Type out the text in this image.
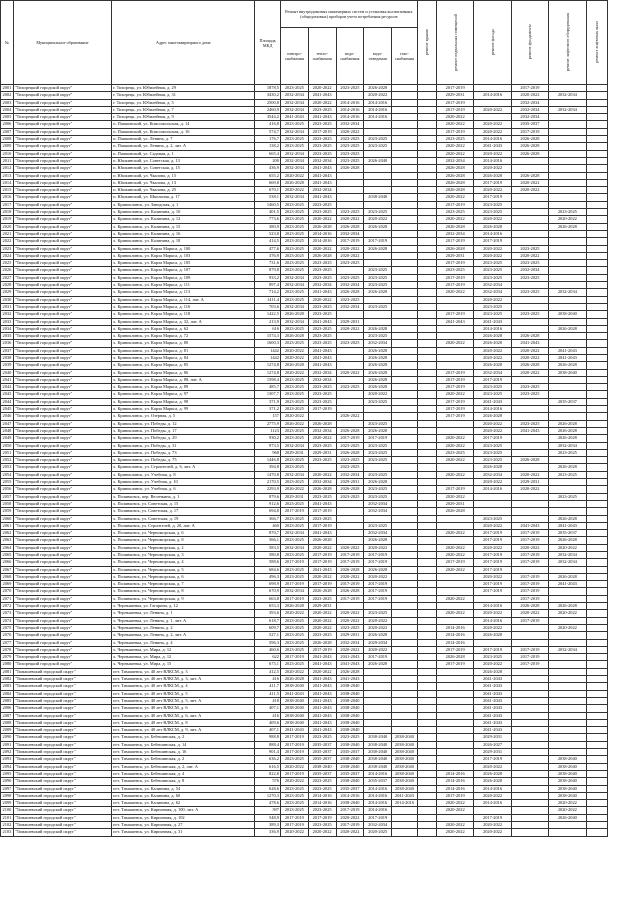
№	Муниципальное образование	Адрес многоквартирного дома	Площадь МКД	Ремонт внутридомовых инженерных систем и установка коллективных (общедомовых) приборов учета потребления ресурсов					ремонт крыши	ремонт подвальных помещений	ремонт фасада	ремонт фундамента	ремонт лифтового оборудования	ремонт лифтовых шахт
				электро-снабжения	тепло-снабжения	водо-снабжения	водо-отведения	газо-снабжения						
2001	"Тихорецкий городской округ"	г. Тихорецк, ул. Юбилейная, д. 29	1878,5	2023-2025	2020-2022	2023-2025	2026-2028			2017-2019		2017-2019		
2002	"Тихорецкий городской округ"	г. Тихорецк, ул. Юбилейная, д. 31	3430,2	2032-2034	2041-2043		2020-2022			2029-2031	2014-2016	2020-2022	2032-2034	
2003	"Тихорецкий городской округ"	г. Тихорецк, ул. Юбилейная, д. 5	2500,8	2032-2034	2020-2022	2014-2016	2014-2016			2017-2019		2032-2034		
2004	"Тихорецкий городской округ"	г. Тихорецк, ул. Юбилейная, д. 7	2460,9	2032-2034	2023-2025	2014-2016	2014-2016			2017-2019	2020-2022	2032-2034	2032-2034	
2005	"Тихорецкий городской округ"	г. Тихорецк, ул. Юбилейная, д. 9	3544,2	2041-2043	2041-2043	2014-2016	2014-2016			2020-2022		2032-2034		
2006	"Тихорецкий городской округ"	п. Пашковский, ул. Комсомольская, д. 14	416,8	2023-2025	2023-2025	2032-2034				2020-2022	2020-2022	2035-2037		
2007	"Тихорецкий городской округ"	п. Пашковский, ул. Комсомольская, д. 16	574,7	2032-2034	2017-2019	2020-2022				2017-2019	2020-2022	2017-2019		
2008	"Тихорецкий городской округ"	п. Пашковский, ул. Ленина, д. 7	176,7	2023-2025	2023-2025	2023-2025	2023-2025			2023-2025	2014-2016	2026-2028		
2009	"Тихорецкий городской округ"	п. Пашковский, ул. Ленина, д. 2, лит. А	138,2	2023-2025	2023-2025	2023-2025	2023-2025			2020-2022	2041-2043	2026-2028		
2010	"Тихорецкий городской округ"	п. Пашковский, ул. Садовая, д. 1	665,4	2032-2034	2023-2025	2023-2025				2020-2022	2020-2022	2026-2028		
2011	"Тихорецкий городской округ"	п. Юшкинский, ул. Советская, д. 13	200	2032-2034	2032-2034	2023-2025	2026-2040			2032-2034	2014-2016			
2012	"Тихорецкий городской округ"	п. Юшкинский, ул. Советская, д. 15	436,9	2032-2034	2041-2043	2026-2028				2026-2028	2020-2022			
2013	"Тихорецкий городской округ"	п. Юшкинский, ул. Чкалова, д. 15	655,2	2020-2022	2041-2043					2026-2028	2026-2028	2026-2028		
2014	"Тихорецкий городской округ"	п. Юшкинский, ул. Чкалова, д. 13	669,8	2026-2028	2041-2043					2026-2028	2017-2019	2020-2022		
2015	"Тихорецкий городской округ"	п. Юшкинский, ул. Чкалова, д. 25	670,1	2020-2022	2032-2034					2026-2028	2020-2022	2020-2022		
2016	"Тихорецкий городской округ"	п. Юшкинский, ул. Школьная, д. 17	538,1	2032-2034	2041-2043		2038-2040			2020-2022	2017-2019			
2017	"Тихорецкий городской округ"	х. Кривоклинск, ул. Заводская, д. 1	1460,5	2023-2025	2023-2025					2017-2019	2023-2025			
2018	"Тихорецкий городской округ"	х. Кривоклинск, ул. Калинина, д. 10	401,5	2023-2025	2023-2025	2023-2025	2023-2025			2023-2025	2023-2025		2023-2025	
2019	"Тихорецкий городской округ"	х. Кривоклинск, ул. Калинина, д. 12	773,6	2023-2025	2020-2022	2020-2022	2020-2022			2020-2022	2020-2022		2020-2022	
2020	"Тихорецкий городской округ"	х. Кривоклинск, ул. Калинина, д. 15	380,9	2023-2025	2026-2028	2026-2028	2026-2028			2026-2028	2026-2028		2026-2028	
2021	"Тихорецкий городской округ"	х. Кривоклинск, ул. Калинина, д. 16	523,8	2023-2025	2014-2016	2032-2034				2032-2034	2014-2016			
2022	"Тихорецкий городской округ"	х. Кривоклинск, ул. Калинина, д. 18	414,5	2023-2025	2014-2016	2017-2019	2017-2019			2017-2019	2017-2019			
2023	"Тихорецкий городской округ"	х. Кривоклинск, ул. Карла Маркса, д. 100	477,6	2023-2025	2020-2022	2020-2022	2026-2028			2026-2028	2020-2022	2023-2025		
2024	"Тихорецкий городской округ"	х. Кривоклинск, ул. Карла Маркса, д. 103	376,9	2023-2025	2026-2028	2020-2022				2029-2031	2020-2022	2020-2022		
2025	"Тихорецкий городской округ"	х. Кривоклинск, ул. Карла Маркса, д. 105	731,6	2023-2025	2023-2025	2023-2025				2017-2019	2023-2025	2023-2025		
2026	"Тихорецкий городской округ"	х. Кривоклинск, ул. Карла Маркса, д. 107	879,8	2023-2025	2023-2025		2023-2025			2023-2025	2023-2025	2032-2034		
2027	"Тихорецкий городской округ"	х. Кривоклинск, ул. Карла Маркса, д. 109	933,2	2032-2034	2023-2025	2023-2025	2023-2025			2017-2019	2023-2025	2023-2025		
2028	"Тихорецкий городской округ"	х. Кривоклинск, ул. Карла Маркса, д. 111	897,4	2032-2034	2032-2034	2032-2034	2023-2025			2017-2019	2032-2034			
2029	"Тихорецкий городской округ"	х. Кривоклинск, ул. Карла Маркса, д. 113	714,2	2023-2025	2041-2043	2026-2028	2026-2028			2020-2022	2032-2034	2023-2025	2032-2034	
2030	"Тихорецкий городской округ"	х. Кривоклинск, ул. Карла Маркса, д. 114, лит. А	1411,4	2023-2025	2020-2022	2023-2025					2020-2022			
2031	"Тихорецкий городской округ"	х. Кривоклинск, ул. Карла Маркса, д. 116	703,6	2032-2034	2023-2025	2032-2034	2023-2025				2023-2025			
2032	"Тихорецкий городской округ"	х. Кривоклинск, ул. Карла Маркса, д. 118	1422,5	2026-2028	2023-2025					2017-2019	2023-2025	2023-2025	2038-2040	
2033	"Тихорецкий городской округ"	х. Кривоклинск, ул. Карла Маркса, д. 32, лит. А	213,9	2032-2034	2041-2043	2029-2031				2041-2043	2041-2043			
2034	"Тихорецкий городской округ"	х. Кривоклинск, ул. Карла Маркса, д. 62	616	2023-2025	2023-2025	2020-2022	2026-2028				2014-2016		2026-2028	
2035	"Тихорецкий городской округ"	х. Кривоклинск, ул. Карла Маркса, д. 72	1574,3	2026-2028	2023-2025		2023-2025				2026-2028	2026-2028		
2036	"Тихорецкий городской округ"	х. Кривоклинск, ул. Карла Маркса, д. 80	1600,3	2023-2025	2023-2025	2023-2025	2032-2034			2020-2022	2026-2028	2041-2043		
2037	"Тихорецкий городской округ"	х. Кривоклинск, ул. Карла Маркса, д. 81	1442	2020-2022	2041-2043		2026-2028				2020-2022	2020-2022	2041-2043	
2038	"Тихорецкий городской округ"	х. Кривоклинск, ул. Карла Маркса, д. 84	1442	2020-2022	2041-2043		2026-2028				2020-2022	2020-2022	2041-2043	
2039	"Тихорецкий городской округ"	х. Кривоклинск, ул. Карла Маркса, д. 85	1274,8	2026-2028	2041-2043		2026-2028				2026-2028	2026-2028	2026-2028	
2040	"Тихорецкий городской округ"	х. Кривоклинск, ул. Карла Маркса, д. 86	1274,8	2020-2022	2032-2034	2020-2022	2026-2028			2017-2019	2032-2034	2020-2022	2038-2040	
2041	"Тихорецкий городской округ"	х. Кривоклинск, ул. Карла Маркса, д. 88, лит. А	1598,4	2023-2025	2032-2034		2026-2028			2017-2019	2017-2019			
2042	"Тихорецкий городской округ"	х. Кривоклинск, ул. Карла Маркса, д. 89	485,7	2023-2025	2023-2025	2023-2025	2026-2028			2017-2019	2023-2025	2023-2025		
2043	"Тихорецкий городской округ"	х. Кривоклинск, ул. Карла Маркса, д. 97	1307,7	2023-2025	2023-2025		2020-2022			2020-2022	2023-2025	2023-2025		
2044	"Тихорецкий городской округ"	х. Кривоклинск, ул. Карла Маркса, д. 98	371,9	2023-2025	2023-2025		2023-2025			2017-2019	2041-2043		2035-2037	
2045	"Тихорецкий городской округ"	х. Кривоклинск, ул. Карла Маркса, д. 99	371,2	2023-2025	2017-2019					2017-2019	2014-2016			
2046	"Тихорецкий городской округ"	х. Кривоклинск, ул. Озерная, д. 5	157	2020-2022		2026-2022				2017-2019	2026-2028			
2047	"Тихорецкий городской округ"	х. Кривоклинск, ул. Победы, д. 12	2775,9	2026-2022	2026-2028		2023-2025				2020-2022	2023-2025	2026-2028	
2048	"Тихорецкий городской округ"	х. Кривоклинск, ул. Победы, д. 17	1123	2023-2025	2032-2034	2026-2028	2026-2028				2020-2022	2041-2043	2026-2028	
2049	"Тихорецкий городской округ"	х. Кривоклинск, ул. Победы, д. 29	930,2	2023-2025	2020-2022	2017-2019	2017-2019			2020-2022	2017-2019		2026-2028	
2050	"Тихорецкий городской округ"	х. Кривоклинск, ул. Победы, д. 31	973,5	2032-2034	2023-2025	2023-2025	2023-2025			2020-2022	2023-2025		2032-2034	
2051	"Тихорецкий городской округ"	х. Кривоклинск, ул. Победы, д. 73	968	2029-2031	2029-2031	2026-2028	2023-2025			2023-2025	2023-2025		2023-2025	
2052	"Тихорецкий городской округ"	х. Кривоклинск, ул. Победы, д. 75	1446,8	2023-2025	2023-2025	2023-2025	2023-2025			2020-2022	2023-2025	2026-2028		
2053	"Тихорецкий городской округ"	х. Кривоклинск, ул. Строителей, д. 6, лит. А	394,8	2023-2025		2023-2025					2026-2028		2026-2028	
2054	"Тихорецкий городской округ"	х. Кривоклинск, ул. Учебная, д. 8	1470,8	2032-2034	2020-2022	2032-2034	2023-2025			2020-2022	2032-2034	2020-2022	2023-2025	
2055	"Тихорецкий городской округ"	х. Кривоклинск, ул. Учебная, д. 10	2170,5	2023-2025	2032-2034	2029-2031	2026-2028				2020-2022	2029-2031		
2056	"Тихорецкий городской округ"	х. Кривоклинск, ул. Учебная, д. 6	2293,9	2026-2022	2026-2028	2026-2028	2023-2025			2017-2019	2014-2016	2020-2022		
2057	"Тихорецкий городской округ"	х. Полянковск, пер. Весенкина, д. 1	879,6	2029-2031	2023-2025	2023-2025	2023-2025			2020-2022			2023-2025	
2058	"Тихорецкий городской округ"	х. Полянковск, ул. Советская, д. 15	912,6	2023-2025	2041-2043		2032-2034			2029-2031				
2059	"Тихорецкий городской округ"	х. Полянковск, ул. Советская, д. 17	694,8	2017-2019	2017-2019		2032-2034			2026-2028				
2060	"Тихорецкий городской округ"	х. Полянковск, ул. Советская, д. 19	366,7	2023-2025	2023-2025						2023-2025		2026-2028	
2061	"Тихорецкий городской округ"	х. Полянковск, ул. Строителей, д. 20, лит. А	460	2023-2025	2017-2019		2023-2025				2020-2022	2041-2043	2041-2043	
2062	"Тихорецкий городской округ"	х. Полянковск, ул. Черноморская, д. 6	870,7	2032-2034	2041-2043		2032-2034			2020-2022	2017-2019	2017-2019	2035-2037	
2063	"Тихорецкий городской округ"	х. Полянковск, ул. Черноморская, д. 8	566,1	2023-2025	2026-2028		2026-2028				2017-2019	2017-2019	2026-2028	
2064	"Тихорецкий городской округ"	х. Полянковск, ул. Черноморская, д. 2	583,5	2032-2034	2020-2022	2020-2022	2020-2022			2020-2022	2020-2022	2020-2022	2020-2022	
2065	"Тихорецкий городской округ"	х. Полянковск, ул. Черноморская, д. 3	580,8	2023-2025	2017-2019	2017-2019	2017-2019			2020-2022	2017-2019	2017-2019	2032-2034	
2066	"Тихорецкий городской округ"	х. Полянковск, ул. Черноморская, д. 4	588,6	2017-2019	2017-2019	2017-2019	2017-2019			2017-2019	2017-2019	2017-2019	2032-2034	
2067	"Тихорецкий городской округ"	х. Полянковск, ул. Черноморская, д. 5	684,6	2023-2025	2041-2043	2026-2028	2026-2028			2020-2022	2017-2019			
2068	"Тихорецкий городской округ"	х. Полянковск, ул. Черноморская, д. 6	496,3	2023-2025	2020-2022	2020-2022	2020-2022				2020-2022	2017-2019	2026-2028	
2069	"Тихорецкий городской округ"	х. Полянковск, ул. Черноморская, д. 7	698,9	2017-2019	2017-2019	2017-2019	2017-2019				2017-2019	2017-2019	2041-2043	
2070	"Тихорецкий городской округ"	х. Полянковск, ул. Черноморская, д. 8	670,9	2032-2034	2026-2028	2026-2028	2017-2019				2017-2019	2017-2019		
2071	"Тихорецкий городской округ"	х. Полянковск, ул. Черноморская, д. 9	663,8	2017-2019	2023-2025	2017-2019	2017-2019			2020-2022		2017-2019		
2072	"Тихорецкий городской округ"	х. Чернышевка, ул. Гагарина, д. 12	653,3	2026-2028	2029-2031						2014-2016	2026-2028	2026-2028	
2073	"Тихорецкий городской округ"	х. Чернышевка, ул. Ленина, д. 1	393,6	2020-2022	2020-2022	2020-2022	2023-2025			2020-2022	2020-2022	2020-2022	2020-2022	
2074	"Тихорецкий городской округ"	х. Чернышевка, ул. Ленина, д. 1, лит. А	618,7	2023-2025	2020-2022	2020-2022	2020-2022				2014-2016	2017-2019		
2075	"Тихорецкий городской округ"	х. Чернышевка, ул. Ленина, д. 2	609,7	2023-2025	2020-2022	2023-2025	2020-2022			2014-2016	2020-2022		2020-2022	
2076	"Тихорецкий городской округ"	х. Чернышевка, ул. Ленина, д. 2, лит. А	527,1	2023-2025	2023-2025	2029-2031	2026-2028			2014-2016	2026-2028			
2077	"Тихорецкий городской округ"	х. Чернышевка, ул. Ленина, д. 4	596,3	2023-2025	2026-2028	2032-2034	2029-2034			2014-2016				
2078	"Тихорецкий городской округ"	х. Чернышевка, ул. Мира, д. 12	460,6	2023-2025	2017-2019	2020-2022	2020-2022			2017-2019	2017-2019	2017-2019	2032-2034	
2079	"Тихорецкий городской округ"	х. Чернышевка, ул. Мира, д. 12	622	2017-2019	2041-2043	2041-2043	2017-2019			2026-2028	2023-2025	2017-2019		
2080	"Тихорецкий городской округ"	х. Чернышевка, ул. Мира, д. 15	675,1	2023-2025	2041-2043	2041-2043	2026-2028			2017-2019	2020-2022	2017-2019		
2081	"Тимашевский городской округ"	пгт. Тимашевск, ул. 40 лет ВЛКСМ, д. 3	412,5	2020-2022	2020-2022	2026-2028					2026-2028			
2082	"Тимашевский городской округ"	пгт. Тимашевск, ул. 40 лет ВЛКСМ, д. 3, лит. А	416	2026-2028	2041-2043	2041-2043					2041-2043			
2083	"Тимашевский городской округ"	пгт. Тимашевск, ул. 40 лет ВЛКСМ, д. 4	411,7	2038-2040	2041-2043	2038-2040					2041-2043			
2084	"Тимашевский городской округ"	пгт. Тимашевск, ул. 40 лет ВЛКСМ, д. 5	411,5	2041-2043	2041-2043	2038-2040					2041-2043			
2085	"Тимашевский городской округ"	пгт. Тимашевск, ул. 40 лет ВЛКСМ, д. 5, лит. А	418	2038-2040	2041-2043	2038-2040					2041-2043			
2086	"Тимашевский городской округ"	пгт. Тимашевск, ул. 40 лет ВЛКСМ, д. 6	407,1	2038-2040	2041-2043	2038-2040					2041-2043			
2087	"Тимашевский городской округ"	пгт. Тимашевск, ул. 40 лет ВЛКСМ, д. 6, лит. А	416	2038-2040	2041-2043	2038-2040					2041-2043			
2088	"Тимашевский городской округ"	пгт. Тимашевск, ул. 40 лет ВЛКСМ, д. 8	409,6	2038-2040	2041-2043	2038-2040					2041-2043			
2089	"Тимашевский городской округ"	пгт. Тимашевск, ул. 40 лет ВЛКСМ, д. 9, лит. А	407,1	2041-2043	2041-2043	2038-2040					2041-2043			
2090	"Тимашевский городской округ"	пгт. Тимашевск, ул. Бебешинская, д. 2	988,8	2017-2019	2023-2025	2023-2025	2038-2040	2038-2040			2029-2031			
2091	"Тимашевский городской округ"	пгт. Тимашевск, ул. Бебешинская, д. 14	888,4	2017-2019	2035-2037	2038-2040	2038-2040	2038-2040			2026-2027			
2092	"Тимашевский городской округ"	пгт. Тимашевск, ул. Бебешинская, д. 16	901,4	2017-2019	2035-2037	2035-2037	2038-2040	2038-2040			2029-2031			
2093	"Тимашевский городской округ"	пгт. Тимашевск, ул. Бебешинская, д. 2	636,2	2023-2025	2035-2037	2038-2040	2038-2040	2038-2040			2017-2019		2038-2040	
2094	"Тимашевский городской округ"	пгт. Тимашевск, ул. Бебешинская, д. 2, лит. А	616,5	2020-2022	2038-2040	2038-2040	2038-2040	2038-2040			2020-2022		2038-2040	
2095	"Тимашевский городской округ"	пгт. Тимашевск, ул. Бебешинская, д. 4	822,8	2017-2019	2035-2037	2035-2037	2014-2016	2038-2040		2014-2016	2026-2028		2038-2040	
2096	"Тимашевский городской округ"	пгт. Тимашевск, ул. Бебешинская, д. 8	576	2020-2022	2023-2025	2038-2040	2035-2037	2038-2040		2014-2016	2026-2028		2038-2040	
2097	"Тимашевский городской округ"	пгт. Тимашевск, ул. Калинина, д. 54	628,6	2023-2025	2023-2025	2035-2037	2014-2016	2038-2040		2014-2016	2014-2016		2038-2040	
2098	"Тимашевский городской округ"	пгт. Тимашевск, ул. Калинина, д. 60	1270,3	2023-2025	2014-2016	2014-2016	2014-2016	2041-2043		2017-2019	2020-2022		2038-2040	
2099	"Тимашевский городской округ"	пгт. Тимашевск, ул. Калинина, д. 62	478,6	2023-2025	2014-2016	2038-2040	2014-2016	2014-2016		2020-2022	2014-2016		2020-2022	
2100	"Тимашевский городской округ"	пгт. Тимашевск, ул. Кирпичная, д. 100, лит. А	397	2023-2025	2023-2025	2017-2019	2014-2016			2020-2022			2020-2022	
2101	"Тимашевский городской округ"	пгт. Тимашевск, ул. Кирпичная, д. 102	548,9	2017-2019	2017-2019	2020-2022	2017-2019				2017-2019		2026-2040	
2102	"Тимашевский городской округ"	пгт. Тимашевск, ул. Кирпичная, д. 27	389,3	2017-2019	2023-2025	2017-2019	2032-2034			2020-2022	2020-2022			
2103	"Тимашевский городской округ"	пгт. Тимашевск, ул. Кирпичная, д. 31	336,9	2020-2022	2020-2022	2020-2022	2020-2025			2020-2022	2020-2022			
